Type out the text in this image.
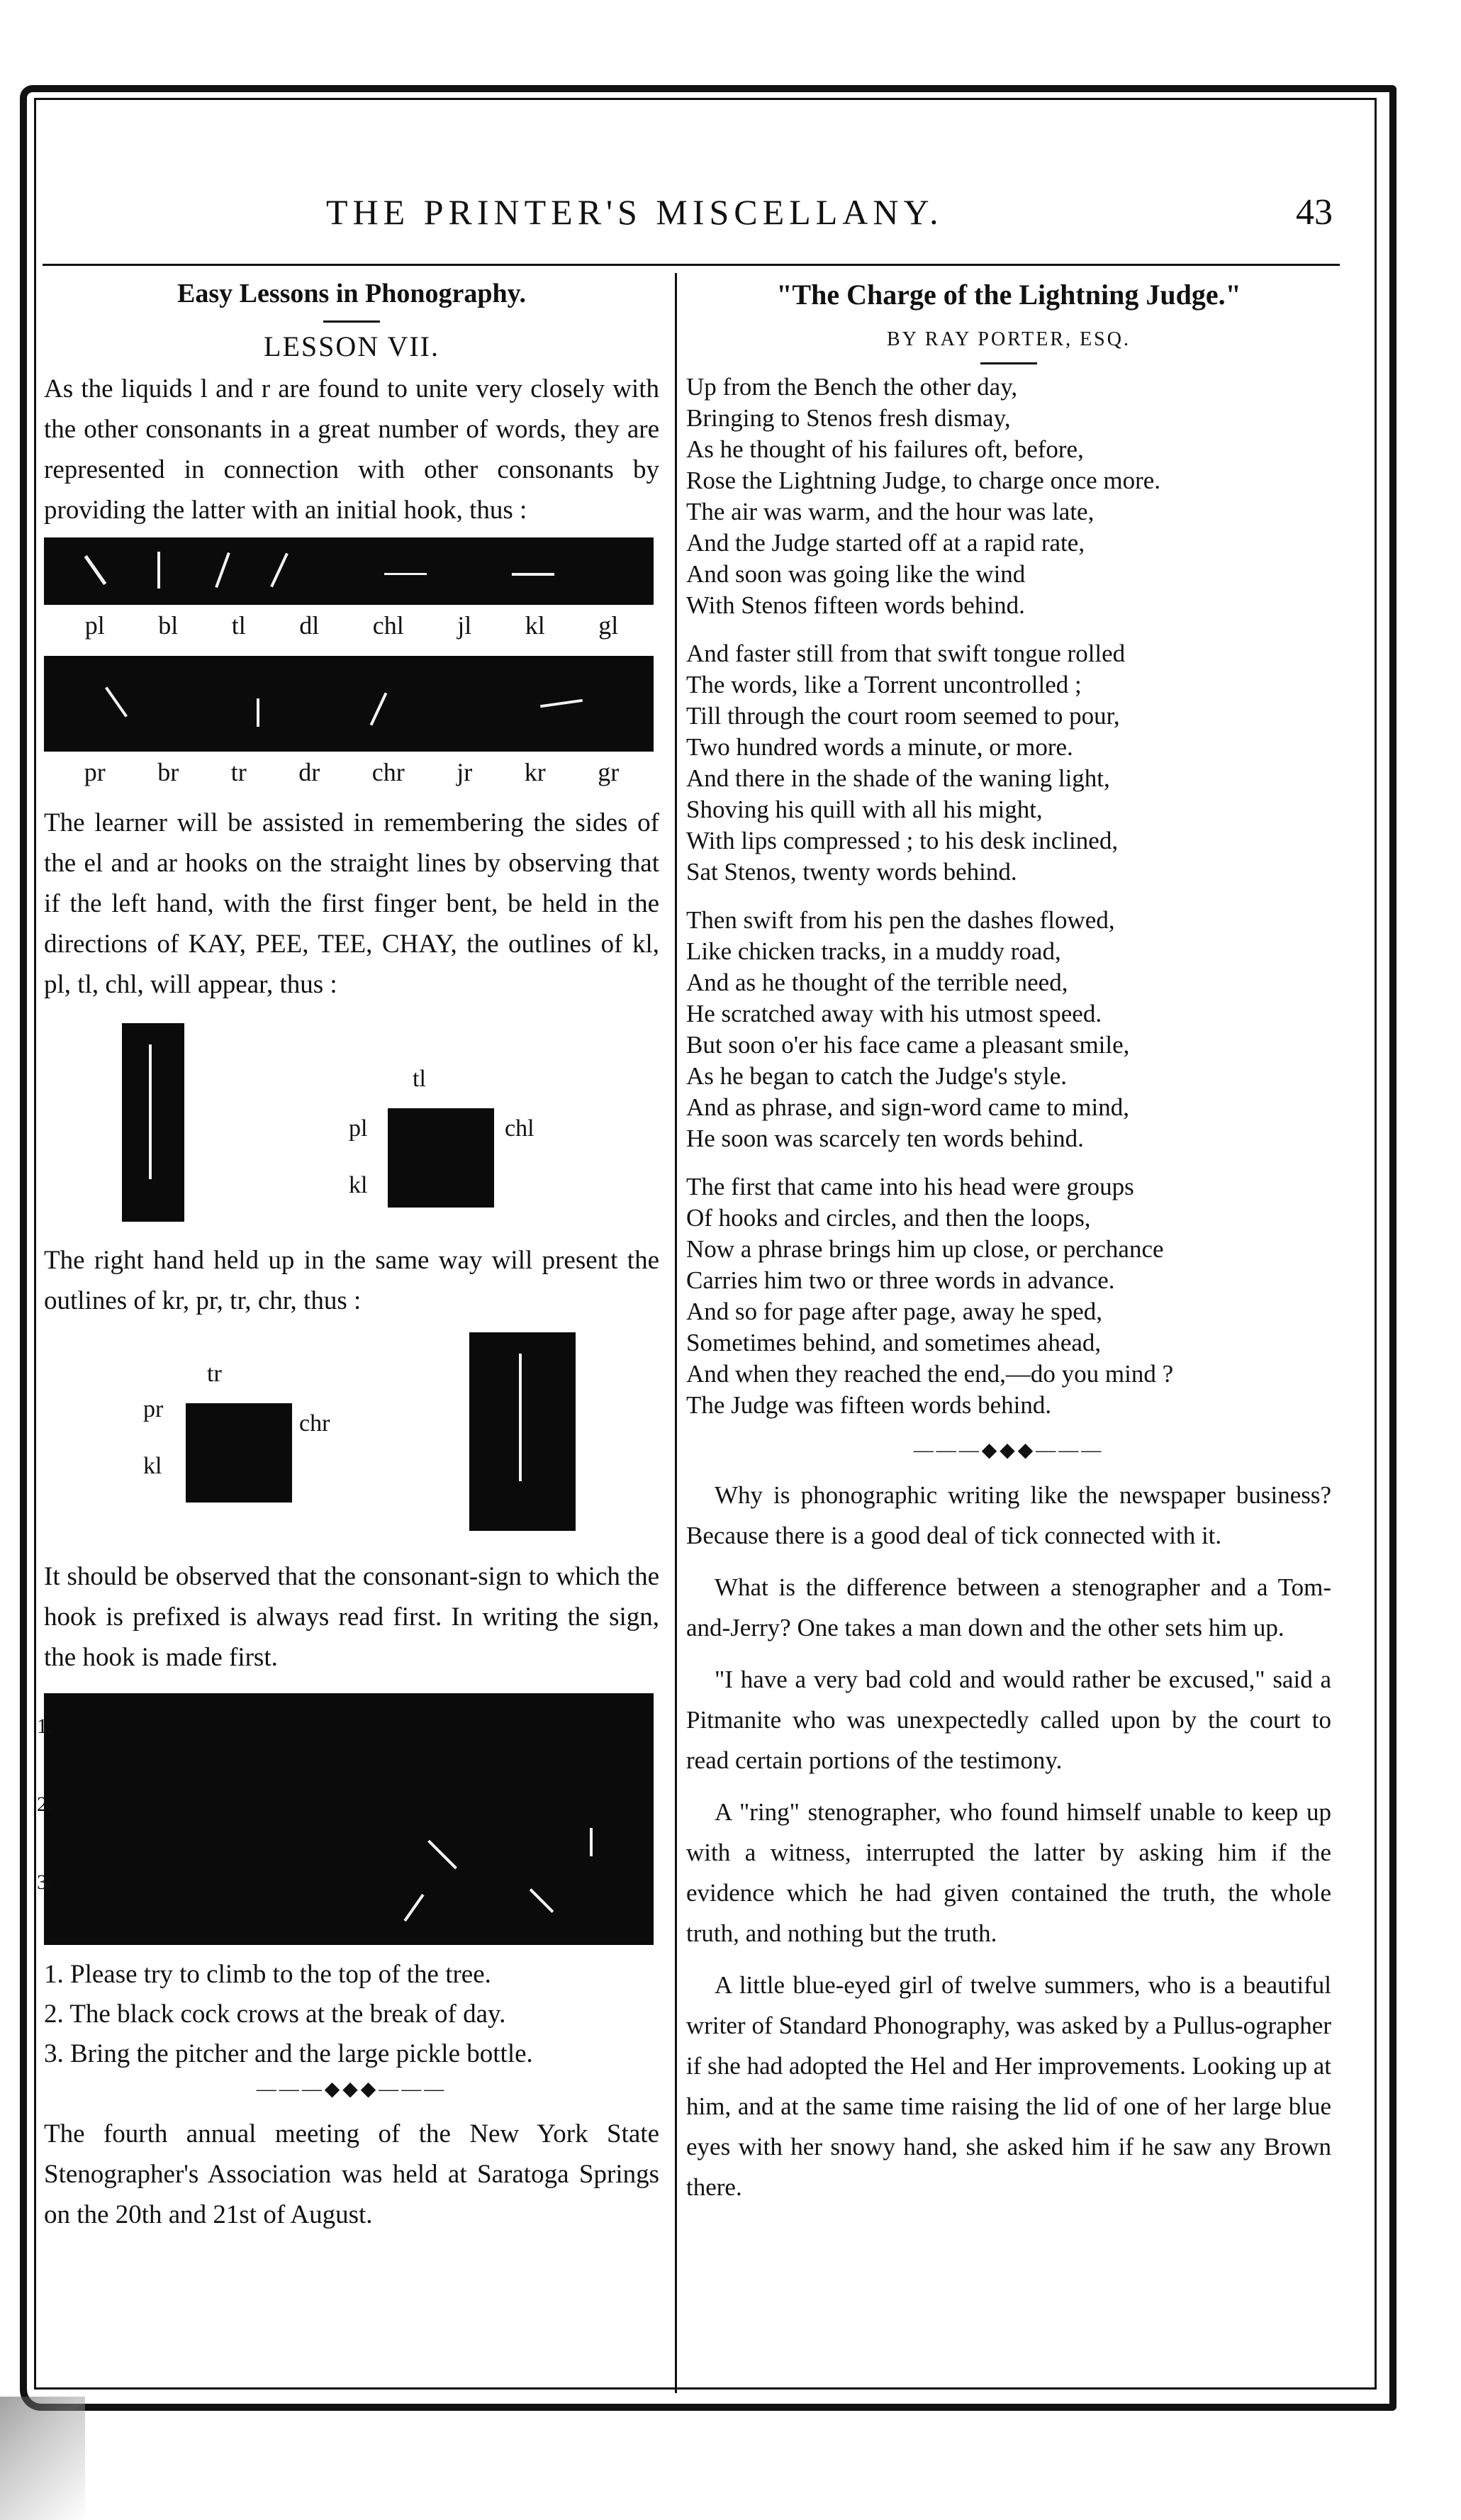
THE PRINTER'S MISCELLANY.	43
Easy Lessons in Phonography.
LESSON VII.

As the liquids l and r are found to unite very closely with the other consonants in a great number of words, they are represented in connection with other consonants by providing the latter with an initial hook, thus :

pl bl tl dl chl jl kl gl
pr br tr dr chr jr kr gr

The learner will be assisted in remembering the sides of the el and ar hooks on the straight lines by observing that if the left hand, with the first finger bent, be held in the directions of KAY, PEE, TEE, CHAY, the outlines of kl, pl, tl, chl, will appear, thus :

tl
pl	chl
kl

The right hand held up in the same way will present the outlines of kr, pr, tr, chr, thus :

tr
pr
chr
kl

It should be observed that the consonant-sign to which the hook is prefixed is always read first. In writing the sign, the hook is made first.

1.
2.
3.

1. Please try to climb to the top of the tree.

2. The black cock crows at the break of day.

3. Bring the pitcher and the large pickle bottle.

———◆◆◆———

The fourth annual meeting of the New York State Stenographer's Association was held at Saratoga Springs on the 20th and 21st of August.

"The Charge of the Lightning Judge."
BY RAY PORTER, ESQ.

Up from the Bench the other day,

Bringing to Stenos fresh dismay,

As he thought of his failures oft, before,

Rose the Lightning Judge, to charge once more.

The air was warm, and the hour was late,

And the Judge started off at a rapid rate,

And soon was going like the wind

With Stenos fifteen words behind.

And faster still from that swift tongue rolled

The words, like a Torrent uncontrolled ;

Till through the court room seemed to pour,

Two hundred words a minute, or more.

And there in the shade of the waning light,

Shoving his quill with all his might,

With lips compressed ; to his desk inclined,

Sat Stenos, twenty words behind.

Then swift from his pen the dashes flowed,

Like chicken tracks, in a muddy road,

And as he thought of the terrible need,

He scratched away with his utmost speed.

But soon o'er his face came a pleasant smile,

As he began to catch the Judge's style.

And as phrase, and sign-word came to mind,

He soon was scarcely ten words behind.

The first that came into his head were groups

Of hooks and circles, and then the loops,

Now a phrase brings him up close, or perchance

Carries him two or three words in advance.

And so for page after page, away he sped,

Sometimes behind, and sometimes ahead,

And when they reached the end,—do you mind ?

The Judge was fifteen words behind.

———◆◆◆———

Why is phonographic writing like the newspaper business? Because there is a good deal of tick connected with it.

What is the difference between a stenographer and a Tom-and-Jerry? One takes a man down and the other sets him up.

"I have a very bad cold and would rather be excused," said a Pitmanite who was unexpectedly called upon by the court to read certain portions of the testimony.

A "ring" stenographer, who found himself unable to keep up with a witness, interrupted the latter by asking him if the evidence which he had given contained the truth, the whole truth, and nothing but the truth.

A little blue-eyed girl of twelve summers, who is a beautiful writer of Standard Phonography, was asked by a Pullus-ographer if she had adopted the Hel and Her improvements. Looking up at him, and at the same time raising the lid of one of her large blue eyes with her snowy hand, she asked him if he saw any Brown there.
